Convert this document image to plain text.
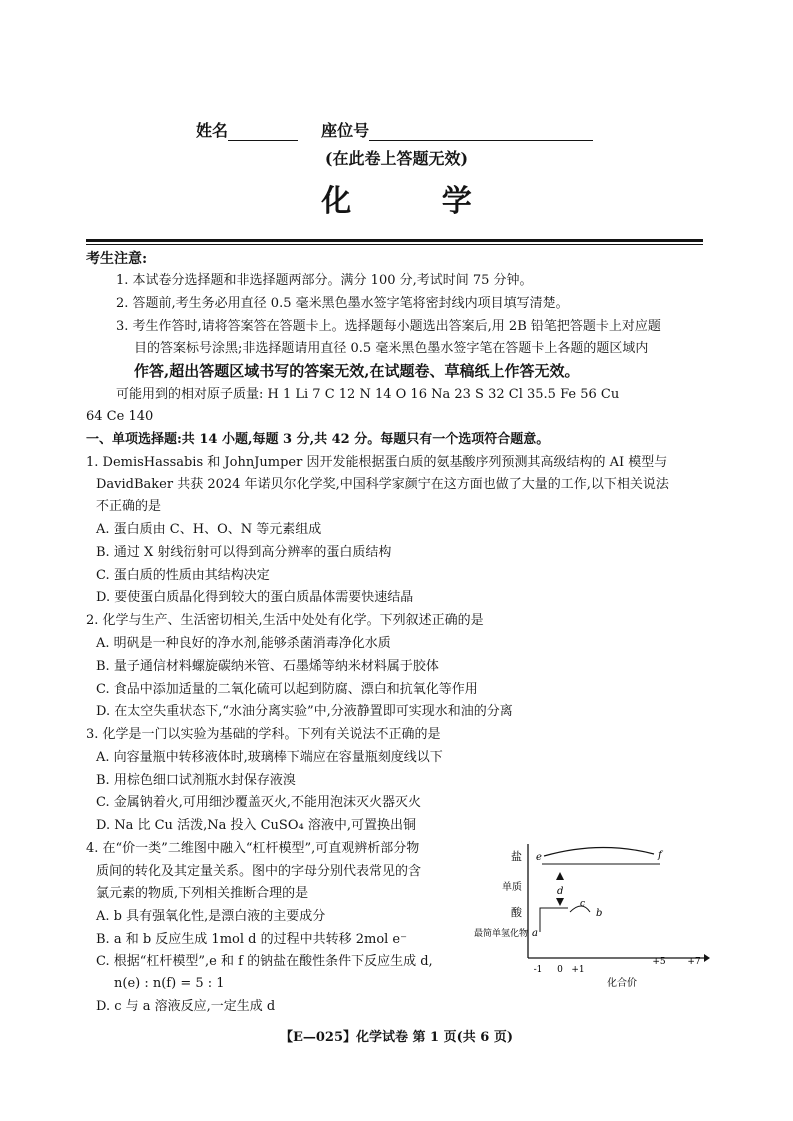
姓名	座位号
(在此卷上答题无效)
化 学
考生注意:
1. 本试卷分选择题和非选择题两部分。满分 100 分,考试时间 75 分钟。
2. 答题前,考生务必用直径 0.5 毫米黑色墨水签字笔将密封线内项目填写清楚。
3. 考生作答时,请将答案答在答题卡上。选择题每小题选出答案后,用 2B 铅笔把答题卡上对应题
目的答案标号涂黑;非选择题请用直径 0.5 毫米黑色墨水签字笔在答题卡上各题的题区域内
作答,超出答题区域书写的答案无效,在试题卷、草稿纸上作答无效。
可能用到的相对原子质量: H 1 Li 7 C 12 N 14 O 16 Na 23 S 32 Cl 35.5 Fe 56 Cu
64 Ce 140
一、单项选择题:共 14 小题,每题 3 分,共 42 分。每题只有一个选项符合题意。
1. DemisHassabis 和 JohnJumper 因开发能根据蛋白质的氨基酸序列预测其高级结构的 AI 模型与
DavidBaker 共获 2024 年诺贝尔化学奖,中国科学家颜宁在这方面也做了大量的工作,以下相关说法
不正确的是
A. 蛋白质由 C、H、O、N 等元素组成
B. 通过 X 射线衍射可以得到高分辨率的蛋白质结构
C. 蛋白质的性质由其结构决定
D. 要使蛋白质晶化得到较大的蛋白质晶体需要快速结晶
2. 化学与生产、生活密切相关,生活中处处有化学。下列叙述正确的是
A. 明矾是一种良好的净水剂,能够杀菌消毒净化水质
B. 量子通信材料螺旋碳纳米管、石墨烯等纳米材料属于胶体
C. 食品中添加适量的二氧化硫可以起到防腐、漂白和抗氧化等作用
D. 在太空失重状态下,“水油分离实验”中,分液静置即可实现水和油的分离
3. 化学是一门以实验为基础的学科。下列有关说法不正确的是
A. 向容量瓶中转移液体时,玻璃棒下端应在容量瓶刻度线以下
B. 用棕色细口试剂瓶水封保存液溴
C. 金属钠着火,可用细沙覆盖灭火,不能用泡沫灭火器灭火
D. Na 比 Cu 活泼,Na 投入 CuSO₄ 溶液中,可置换出铜
4. 在“价一类”二维图中融入“杠杆模型”,可直观辨析部分物
质间的转化及其定量关系。图中的字母分别代表常见的含
氯元素的物质,下列相关推断合理的是
A. b 具有强氧化性,是漂白液的主要成分
B. a 和 b 反应生成 1mol d 的过程中共转移 2mol e⁻
C. 根据“杠杆模型”,e 和 f 的钠盐在酸性条件下反应生成 d,
n(e) : n(f) = 5 : 1
D. c 与 a 溶液反应,一定生成 d
盐
单质
酸
最简单氢化物
-1 0 +1
+5 +7
化合价
e	f
d
c
b
a
【E—025】化学试卷 第 1 页(共 6 页)
